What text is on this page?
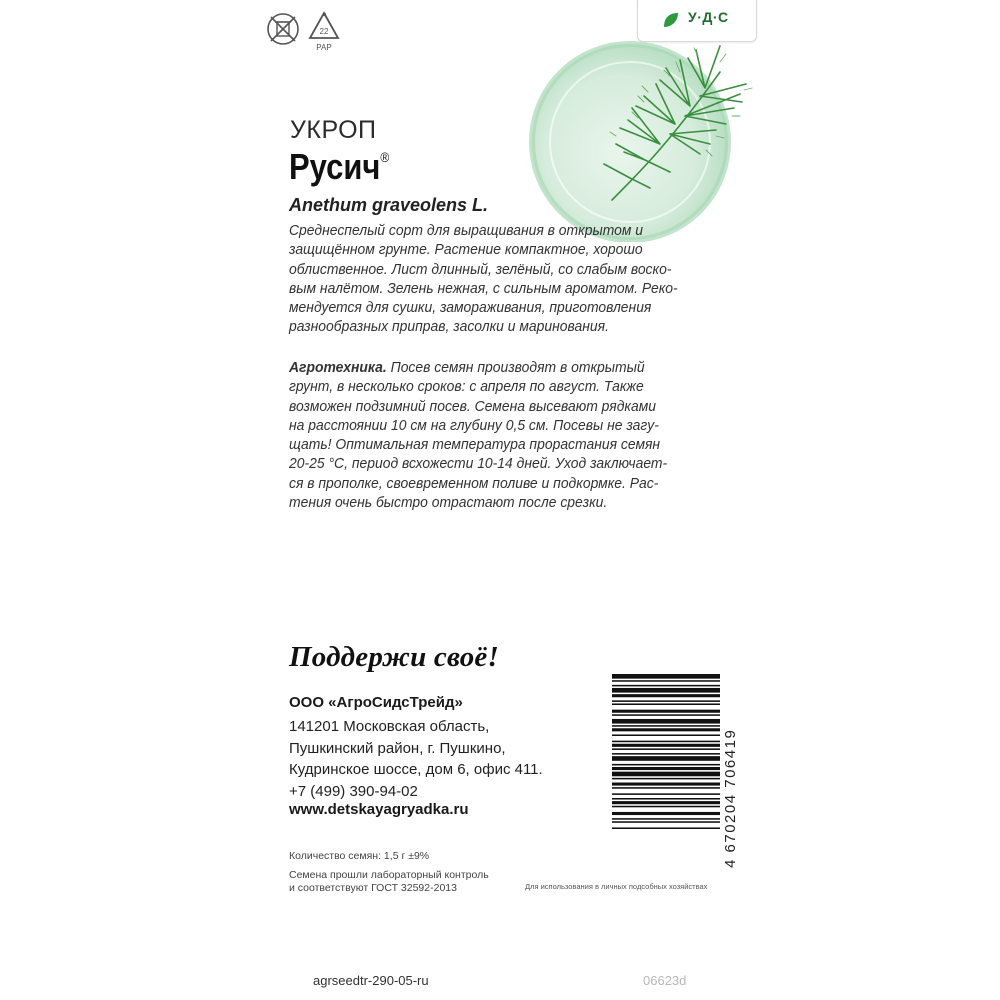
22
PAP
У·Д·С
УКРОП
Русич®
Anethum graveolens L.
Среднеспелый сорт для выращивания в открытом и
защищённом грунте. Растение компактное, хорошо
облиственное. Лист длинный, зелёный, со слабым воско-
вым налётом. Зелень нежная, с сильным ароматом. Реко-
мендуется для сушки, замораживания, приготовления
разнообразных приправ, засолки и маринования.
Агротехника. Посев семян производят в открытый
грунт, в несколько сроков: с апреля по август. Также
возможен подзимний посев. Семена высевают рядками
на расстоянии 10 см на глубину 0,5 см. Посевы не загу-
щать! Оптимальная температура прорастания семян
20-25 °С, период всхожести 10-14 дней. Уход заключает-
ся в прополке, своевременном поливе и подкормке. Рас-
тения очень быстро отрастают после срезки.
Поддержи своё!
ООО «АгроСидсТрейд»
141201 Московская область,
Пушкинский район, г. Пушкино,
Кудринское шоссе, дом 6, офис 411.
+7 (499) 390-94-02
www.detskayagryadka.ru
Количество семян: 1,5 г ±9%
Семена прошли лабораторный контроль
и соответствуют ГОСТ 32592-2013	Для использования в личных подсобных хозяйствах
4 670204 706419
agrseedtr-290-05-ru	06623d
